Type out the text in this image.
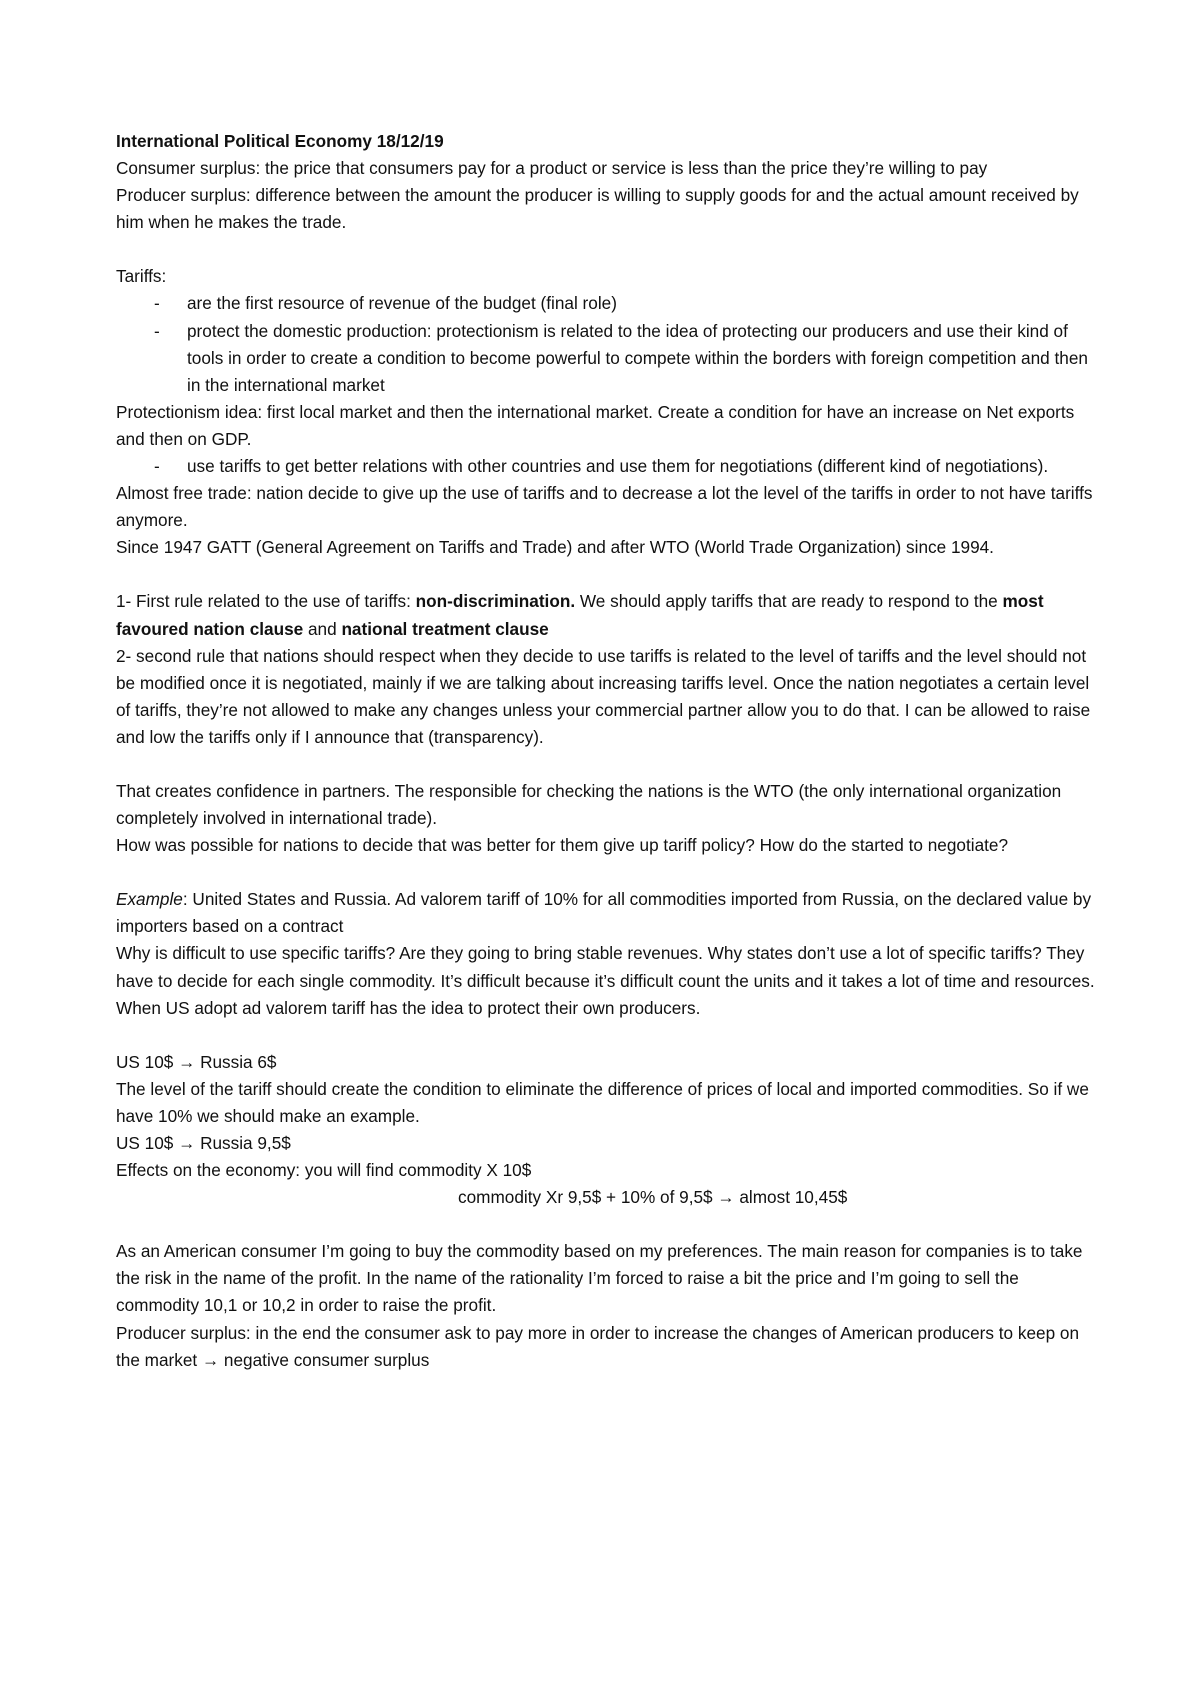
International Political Economy 18/12/19

Consumer surplus: the price that consumers pay for a product or service is less than the price they’re willing to pay

Producer surplus: difference between the amount the producer is willing to supply goods for and the actual amount received by him when he makes the trade.

Tariffs:

- are the first resource of revenue of the budget (final role)
- protect the domestic production: protectionism is related to the idea of protecting our producers and use their kind of tools in order to create a condition to become powerful to compete within the borders with foreign competition and then in the international market

Protectionism idea: first local market and then the international market. Create a condition for have an increase on Net exports and then on GDP.

- use tariffs to get better relations with other countries and use them for negotiations (different kind of negotiations).

Almost free trade: nation decide to give up the use of tariffs and to decrease a lot the level of the tariffs in order to not have tariffs anymore.

Since 1947 GATT (General Agreement on Tariffs and Trade) and after WTO (World Trade Organization) since 1994.

1- First rule related to the use of tariffs: non-discrimination. We should apply tariffs that are ready to respond to the most favoured nation clause and national treatment clause

2- second rule that nations should respect when they decide to use tariffs is related to the level of tariffs and the level should not be modified once it is negotiated, mainly if we are talking about increasing tariffs level. Once the nation negotiates a certain level of tariffs, they’re not allowed to make any changes unless your commercial partner allow you to do that. I can be allowed to raise and low the tariffs only if I announce that (transparency).

That creates confidence in partners. The responsible for checking the nations is the WTO (the only international organization completely involved in international trade).

How was possible for nations to decide that was better for them give up tariff policy? How do the started to negotiate?

Example: United States and Russia. Ad valorem tariff of 10% for all commodities imported from Russia, on the declared value by importers based on a contract

Why is difficult to use specific tariffs? Are they going to bring stable revenues. Why states don’t use a lot of specific tariffs? They have to decide for each single commodity. It’s difficult because it’s difficult count the units and it takes a lot of time and resources. When US adopt ad valorem tariff has the idea to protect their own producers.

US 10$ → Russia 6$

The level of the tariff should create the condition to eliminate the difference of prices of local and imported commodities. So if we have 10% we should make an example.

US 10$ → Russia 9,5$

Effects on the economy: you will find commodity X 10$

commodity Xr 9,5$ + 10% of 9,5$ → almost 10,45$

As an American consumer I’m going to buy the commodity based on my preferences. The main reason for companies is to take the risk in the name of the profit. In the name of the rationality I’m forced to raise a bit the price and I’m going to sell the commodity 10,1 or 10,2 in order to raise the profit.

Producer surplus: in the end the consumer ask to pay more in order to increase the changes of American producers to keep on the market → negative consumer surplus
